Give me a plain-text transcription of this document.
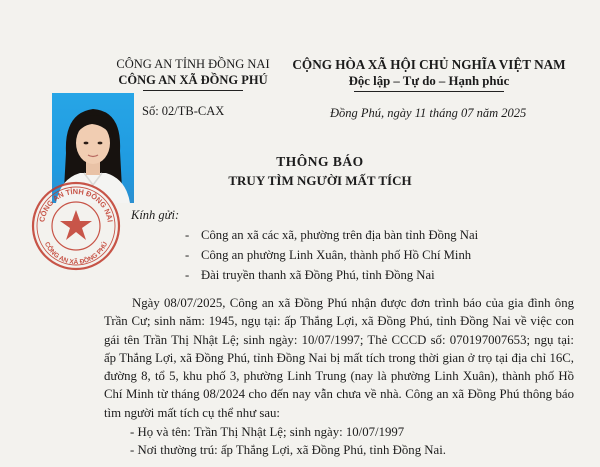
CÔNG AN TỈNH ĐỒNG NAI
CÔNG AN XÃ ĐỒNG PHÚ
CỘNG HÒA XÃ HỘI CHỦ NGHĨA VIỆT NAM
Độc lập – Tự do – Hạnh phúc
CÔNG AN TỈNH ĐỒNG NAI
CÔNG AN XÃ ĐỒNG PHÚ
Số: 02/TB-CAX	Đồng Phú, ngày 11 tháng 07 năm 2025
THÔNG BÁO
TRUY TÌM NGƯỜI MẤT TÍCH
Kính gửi:
- Công an xã các xã, phường trên địa bàn tỉnh Đồng Nai
- Công an phường Linh Xuân, thành phố Hồ Chí Minh
- Đài truyền thanh xã Đồng Phú, tỉnh Đồng Nai
Ngày 08/07/2025, Công an xã Đồng Phú nhận được đơn trình báo của gia đình ông Trần Cư; sinh năm: 1945, ngụ tại: ấp Thắng Lợi, xã Đồng Phú, tỉnh Đồng Nai về việc con gái tên Trần Thị Nhật Lệ; sinh ngày: 10/07/1997; Thẻ CCCD số: 070197007653; ngụ tại: ấp Thắng Lợi, xã Đồng Phú, tỉnh Đồng Nai bị mất tích trong thời gian ở trọ tại địa chỉ 16C, đường 8, tổ 5, khu phố 3, phường Linh Trung (nay là phường Linh Xuân), thành phố Hồ Chí Minh từ tháng 08/2024 cho đến nay vẫn chưa về nhà. Công an xã Đồng Phú thông báo tìm người mất tích cụ thể như sau:
- Họ và tên: Trần Thị Nhật Lệ; sinh ngày: 10/07/1997
- Nơi thường trú: ấp Thắng Lợi, xã Đồng Phú, tỉnh Đồng Nai.
